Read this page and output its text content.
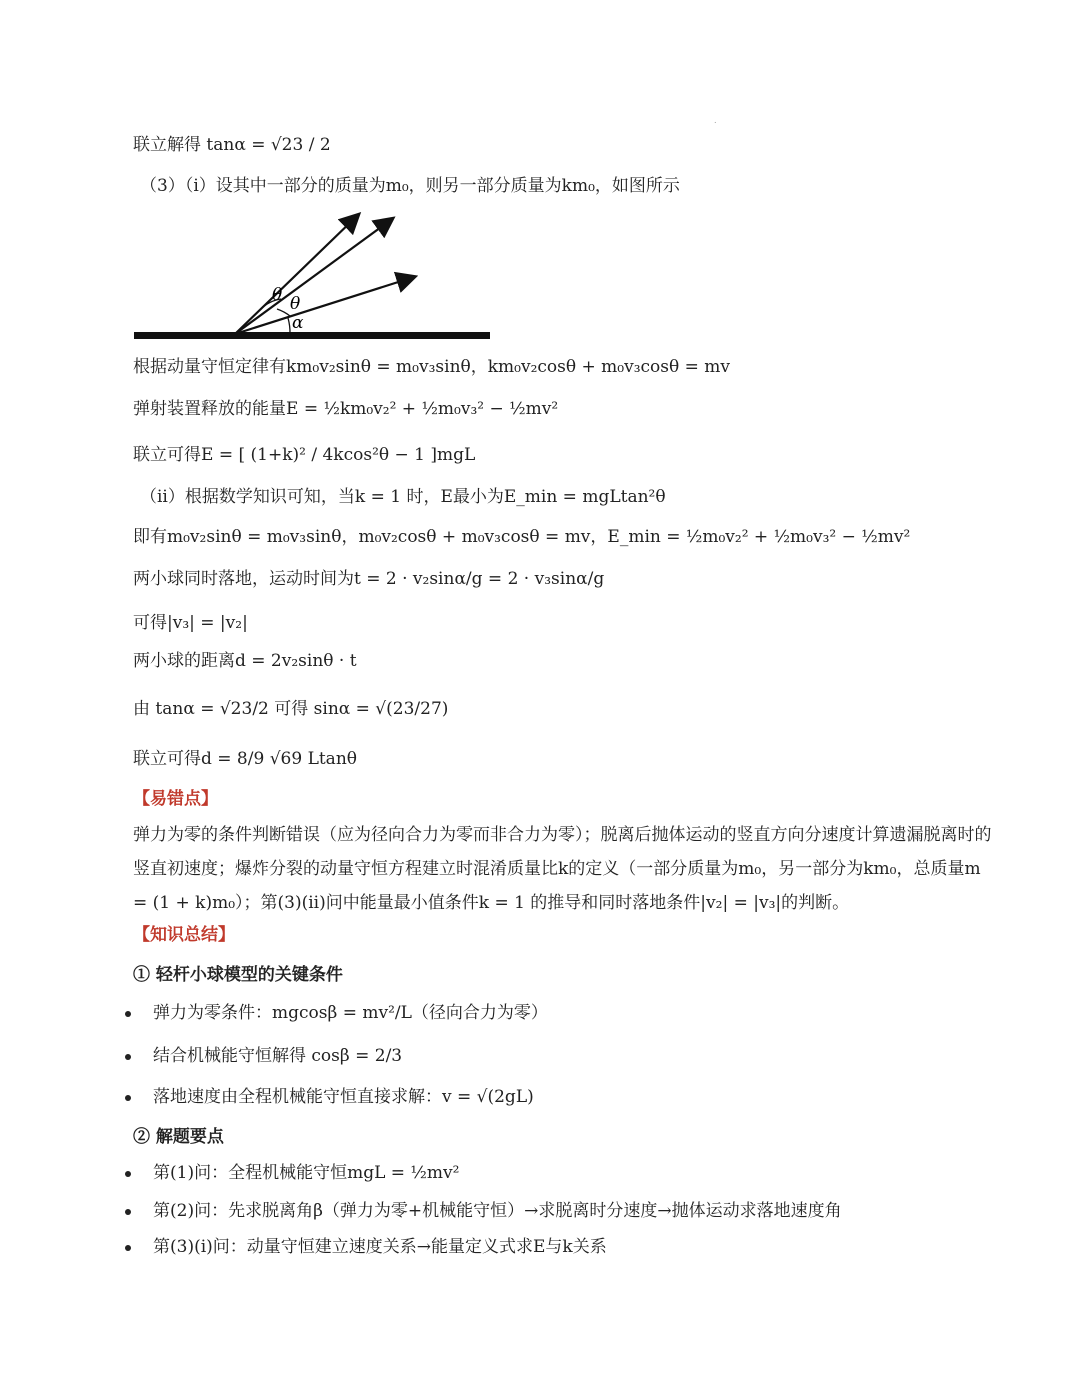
.
联立解得 tanα = √23 / 2
（3）（i）设其中一部分的质量为m₀，则另一部分质量为km₀，如图所示
θ θ
α
根据动量守恒定律有km₀v₂sinθ = m₀v₃sinθ，km₀v₂cosθ + m₀v₃cosθ = mv
弹射装置释放的能量E = ½km₀v₂² + ½m₀v₃² − ½mv²
联立可得E = [ (1+k)² / 4kcos²θ − 1 ]mgL
（ii）根据数学知识可知，当k = 1 时，E最小为E_min = mgLtan²θ
即有m₀v₂sinθ = m₀v₃sinθ，m₀v₂cosθ + m₀v₃cosθ = mv，E_min = ½m₀v₂² + ½m₀v₃² − ½mv²
两小球同时落地，运动时间为t = 2 · v₂sinα/g = 2 · v₃sinα/g
可得|v₃| = |v₂|
两小球的距离d = 2v₂sinθ · t
由 tanα = √23/2 可得 sinα = √(23/27)
联立可得d = 8/9 √69 Ltanθ
【易错点】
弹力为零的条件判断错误（应为径向合力为零而非合力为零）；脱离后抛体运动的竖直方向分速度计算遗漏脱离时的竖直初速度；爆炸分裂的动量守恒方程建立时混淆质量比k的定义（一部分质量为m₀，另一部分为km₀，总质量m = (1 + k)m₀）；第(3)(ii)问中能量最小值条件k = 1 的推导和同时落地条件|v₂| = |v₃|的判断。
【知识总结】
① 轻杆小球模型的关键条件
弹力为零条件：mgcosβ = mv²/L（径向合力为零）
结合机械能守恒解得 cosβ = 2/3
落地速度由全程机械能守恒直接求解：v = √(2gL)
② 解题要点
第(1)问：全程机械能守恒mgL = ½mv²
第(2)问：先求脱离角β（弹力为零+机械能守恒）→求脱离时分速度→抛体运动求落地速度角
第(3)(i)问：动量守恒建立速度关系→能量定义式求E与k关系
